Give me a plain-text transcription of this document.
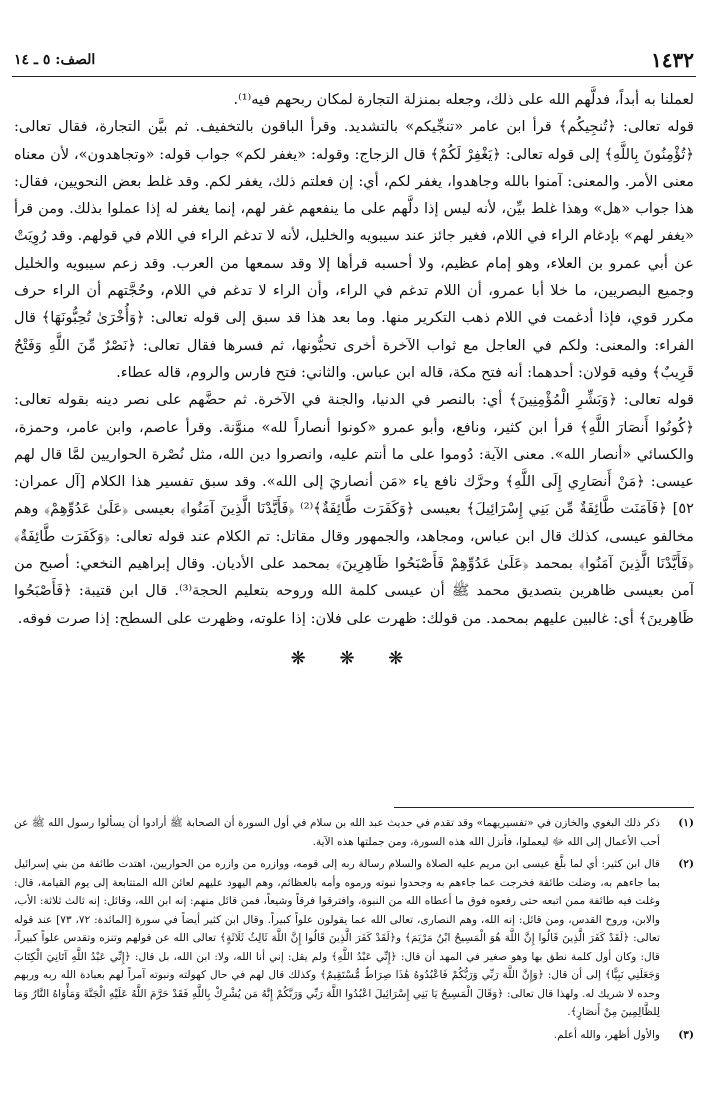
١٤٣٢
الصف: ٥ ـ ١٤

لعملنا به أبداً، فدلَّهم الله على ذلك، وجعله بمنزلة التجارة لمكان ربحهم فيه⁽¹⁾.

قوله تعالى: ﴿تُنجِيكُم﴾ قرأ ابن عامر «تنجِّيكم» بالتشديد. وقرأ الباقون بالتخفيف. ثم بيَّن التجارة، فقال تعالى: ﴿تُؤْمِنُونَ بِاللَّهِ﴾ إلى قوله تعالى: ﴿يَغْفِرْ لَكُمْ﴾ قال الزجاج: وقوله: «يغفر لكم» جواب قوله: «وتجاهدون»، لأن معناه معنى الأمر. والمعنى: آمنوا بالله وجاهدوا، يغفر لكم، أي: إن فعلتم ذلك، يغفر لكم. وقد غلط بعض النحويين، فقال: هذا جواب «هل» وهذا غلط بيِّن، لأنه ليس إذا دلَّهم على ما ينفعهم غفر لهم، إنما يغفر له إذا عملوا بذلك. ومن قرأ «يغفر لهم» بإدغام الراء في اللام، فغير جائز عند سيبويه والخليل، لأنه لا تدغم الراء في اللام في قولهم. وقد رُوِيَتْ عن أبي عمرو بن العلاء، وهو إمام عظيم، ولا أحسبه قرأها إلا وقد سمعها من العرب. وقد زعم سيبويه والخليل وجميع البصريين، ما خلا أبا عمرو، أن اللام تدغم في الراء، وأن الراء لا تدغم في اللام، وحُجَّتهم أن الراء حرف مكرر قوي، فإذا أدغمت في اللام ذهب التكرير منها. وما بعد هذا قد سبق إلى قوله تعالى: ﴿وَأُخْرَىٰ تُحِبُّونَهَا﴾ قال الفراء: والمعنى: ولكم في العاجل مع ثواب الآخرة أخرى تحبُّونها، ثم فسرها فقال تعالى: ﴿نَصْرٌ مِّنَ اللَّهِ وَفَتْحٌ قَرِيبٌ﴾ وفيه قولان: أحدهما: أنه فتح مكة، قاله ابن عباس. والثاني: فتح فارس والروم، قاله عطاء.

قوله تعالى: ﴿وَبَشِّرِ الْمُؤْمِنِينَ﴾ أي: بالنصر في الدنيا، والجنة في الآخرة. ثم حضَّهم على نصر دينه بقوله تعالى: ﴿كُونُوا أَنصَارَ اللَّهِ﴾ قرأ ابن كثير، ونافع، وأبو عمرو «كونوا أنصاراً لله» منوَّنة. وقرأ عاصم، وابن عامر، وحمزة، والكسائي «أنصار الله». معنى الآية: دُوموا على ما أنتم عليه، وانصروا دين الله، مثل نُصْرة الحواريين لمَّا قال لهم عيسى: ﴿مَنْ أَنصَارِي إِلَى اللَّهِ﴾ وحرَّك نافع ياء «مَن أنصاريَ إلى الله». وقد سبق تفسير هذا الكلام [آل عمران: ٥٢] ﴿فَآمَنَت طَّائِفَةٌ مِّن بَنِي إِسْرَائِيلَ﴾ بعيسى ﴿وَكَفَرَت طَّائِفَةٌ﴾⁽²⁾ ﴿فَأَيَّدْنَا الَّذِينَ آمَنُوا﴾ بعيسى ﴿عَلَىٰ عَدُوِّهِمْ﴾ وهم مخالفو عيسى، كذلك قال ابن عباس، ومجاهد، والجمهور وقال مقاتل: تم الكلام عند قوله تعالى: ﴿وَكَفَرَت طَّائِفَةٌ﴾ ﴿فَأَيَّدْنَا الَّذِينَ آمَنُوا﴾ بمحمد ﴿عَلَىٰ عَدُوِّهِمْ فَأَصْبَحُوا ظَاهِرِينَ﴾ بمحمد على الأديان. وقال إبراهيم النخعي: أصبح من آمن بعيسى ظاهرين بتصديق محمد ﷺ أن عيسى كلمة الله وروحه بتعليم الحجة⁽³⁾. قال ابن قتيبة: ﴿فَأَصْبَحُوا ظَاهِرِينَ﴾ أي: غالبين عليهم بمحمد. من قولك: ظهرت على فلان: إذا علوته، وظهرت على السطح: إذا صرت فوقه.

❋ ❋ ❋
(١)
ذكر ذلك البغوي والخازن في «تفسيريهما» وقد تقدم في حديث عبد الله بن سلام في أول السورة أن الصحابة ﷺ أرادوا أن يسألوا رسول الله ﷺ عن أحب الأعمال إلى الله ﷻ ليعملوا، فأنزل الله هذه السورة، ومن جملتها هذه الآية.
(٢)
قال ابن كثير: أي لما بلَّغ عيسى ابن مريم عليه الصلاة والسلام رسالة ربه إلى قومه، ووازره من وازره من الحواريين، اهتدت طائفة من بني إسرائيل بما جاءهم به، وضلت طائفة فخرجت عما جاءهم به وجحدوا نبوته ورموه وأمه بالعظائم، وهم اليهود عليهم لعائن الله المتتابعة إلى يوم القيامة، قال: وغلت فيه طائفة ممن اتبعه حتى رفعوه فوق ما أعطاه الله من النبوة، وافترقوا فرقاً وشيعاً، فمن قائل منهم: إنه ابن الله، وقائل: إنه ثالث ثلاثة: الأب، والابن، وروح القدس، ومن قائل: إنه الله، وهم النصارى، تعالى الله عما يقولون علواً كبيراً. وقال ابن كثير أيضاً في سورة [المائدة: ٧٢، ٧٣] عند قوله تعالى: ﴿لَقَدْ كَفَرَ الَّذِينَ قَالُوا إِنَّ اللَّهَ هُوَ الْمَسِيحُ ابْنُ مَرْيَمَ﴾ و﴿لَقَدْ كَفَرَ الَّذِينَ قَالُوا إِنَّ اللَّهَ ثَالِثُ ثَلَاثَةٍ﴾ تعالى الله عن قولهم وتنزه وتقدس علواً كبيراً، قال: وكان أول كلمة نطق بها وهو صغير في المهد أن قال: ﴿إِنِّي عَبْدُ اللَّهِ﴾ ولم يقل: إني أنا الله، ولا: ابن الله، بل قال: ﴿إِنِّي عَبْدُ اللَّهِ آتَانِيَ الْكِتَابَ وَجَعَلَنِي نَبِيًّا﴾ إلى أن قال: ﴿وَإِنَّ اللَّهَ رَبِّي وَرَبُّكُمْ فَاعْبُدُوهُ هَٰذَا صِرَاطٌ مُّسْتَقِيمٌ﴾ وكذلك قال لهم في حال كهولته ونبوته آمراً لهم بعبادة الله ربه وربهم وحده لا شريك له. ولهذا قال تعالى: ﴿وَقَالَ الْمَسِيحُ يَا بَنِي إِسْرَائِيلَ اعْبُدُوا اللَّهَ رَبِّي وَرَبَّكُمْ إِنَّهُ مَن يُشْرِكْ بِاللَّهِ فَقَدْ حَرَّمَ اللَّهُ عَلَيْهِ الْجَنَّةَ وَمَأْوَاهُ النَّارُ وَمَا لِلظَّالِمِينَ مِنْ أَنصَارٍ﴾.
(٣)
والأول أظهر، والله أعلم.
